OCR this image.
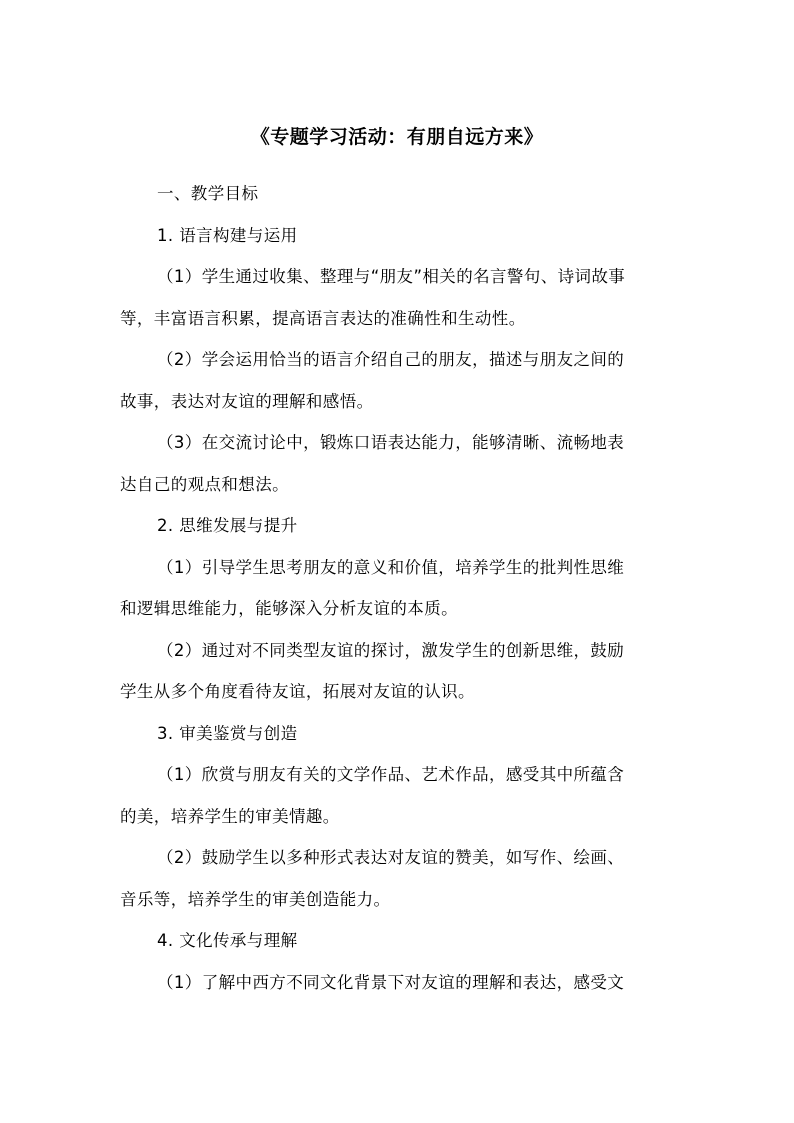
《专题学习活动：有朋自远方来》
一、教学目标
1. 语言构建与运用
（1）学生通过收集、整理与“朋友”相关的名言警句、诗词故事
等，丰富语言积累，提高语言表达的准确性和生动性。
（2）学会运用恰当的语言介绍自己的朋友，描述与朋友之间的
故事，表达对友谊的理解和感悟。
（3）在交流讨论中，锻炼口语表达能力，能够清晰、流畅地表
达自己的观点和想法。
2. 思维发展与提升
（1）引导学生思考朋友的意义和价值，培养学生的批判性思维
和逻辑思维能力，能够深入分析友谊的本质。
（2）通过对不同类型友谊的探讨，激发学生的创新思维，鼓励
学生从多个角度看待友谊，拓展对友谊的认识。
3. 审美鉴赏与创造
（1）欣赏与朋友有关的文学作品、艺术作品，感受其中所蕴含
的美，培养学生的审美情趣。
（2）鼓励学生以多种形式表达对友谊的赞美，如写作、绘画、
音乐等，培养学生的审美创造能力。
4. 文化传承与理解
（1）了解中西方不同文化背景下对友谊的理解和表达，感受文
